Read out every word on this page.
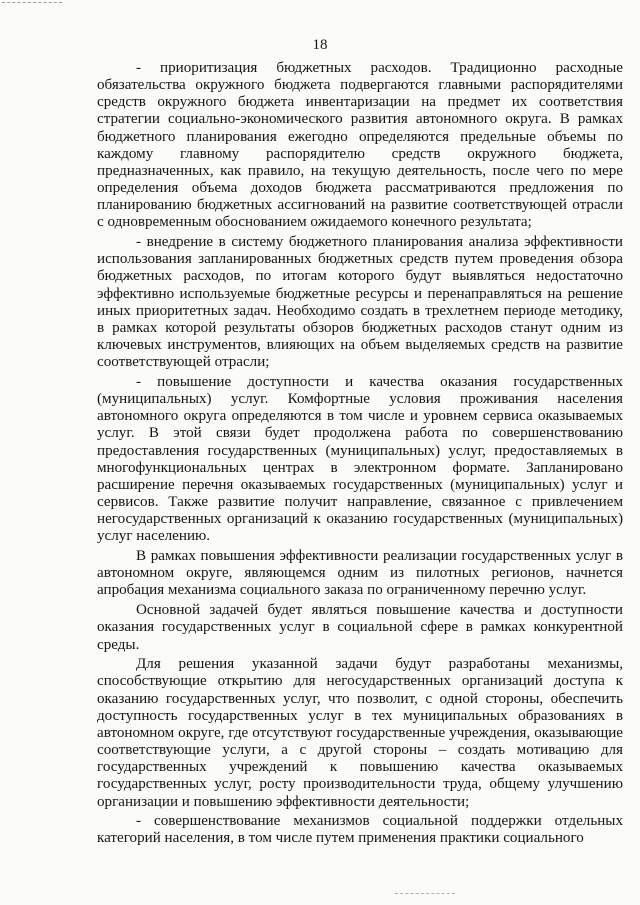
18

- приоритизация бюджетных расходов. Традиционно расходные обязательства окружного бюджета подвергаются главными распорядителями средств окружного бюджета инвентаризации на предмет их соответствия стратегии социально-экономического развития автономного округа. В рамках бюджетного планирования ежегодно определяются предельные объемы по каждому главному распорядителю средств окружного бюджета, предназначенных, как правило, на текущую деятельность, после чего по мере определения объема доходов бюджета рассматриваются предложения по планированию бюджетных ассигнований на развитие соответствующей отрасли с одновременным обоснованием ожидаемого конечного результата;

- внедрение в систему бюджетного планирования анализа эффективности использования запланированных бюджетных средств путем проведения обзора бюджетных расходов, по итогам которого будут выявляться недостаточно эффективно используемые бюджетные ресурсы и перенаправляться на решение иных приоритетных задач. Необходимо создать в трехлетнем периоде методику, в рамках которой результаты обзоров бюджетных расходов станут одним из ключевых инструментов, влияющих на объем выделяемых средств на развитие соответствующей отрасли;

- повышение доступности и качества оказания государственных (муниципальных) услуг. Комфортные условия проживания населения автономного округа определяются в том числе и уровнем сервиса оказываемых услуг. В этой связи будет продолжена работа по совершенствованию предоставления государственных (муниципальных) услуг, предоставляемых в многофункциональных центрах в электронном формате. Запланировано расширение перечня оказываемых государственных (муниципальных) услуг и сервисов. Также развитие получит направление, связанное с привлечением негосударственных организаций к оказанию государственных (муниципальных) услуг населению.

В рамках повышения эффективности реализации государственных услуг в автономном округе, являющемся одним из пилотных регионов, начнется апробация механизма социального заказа по ограниченному перечню услуг.

Основной задачей будет являться повышение качества и доступности оказания государственных услуг в социальной сфере в рамках конкурентной среды.

Для решения указанной задачи будут разработаны механизмы, способствующие открытию для негосударственных организаций доступа к оказанию государственных услуг, что позволит, с одной стороны, обеспечить доступность государственных услуг в тех муниципальных образованиях в автономном округе, где отсутствуют государственные учреждения, оказывающие соответствующие услуги, а с другой стороны – создать мотивацию для государственных учреждений к повышению качества оказываемых государственных услуг, росту производительности труда, общему улучшению организации и повышению эффективности деятельности;

- совершенствование механизмов социальной поддержки отдельных категорий населения, в том числе путем применения практики социального
